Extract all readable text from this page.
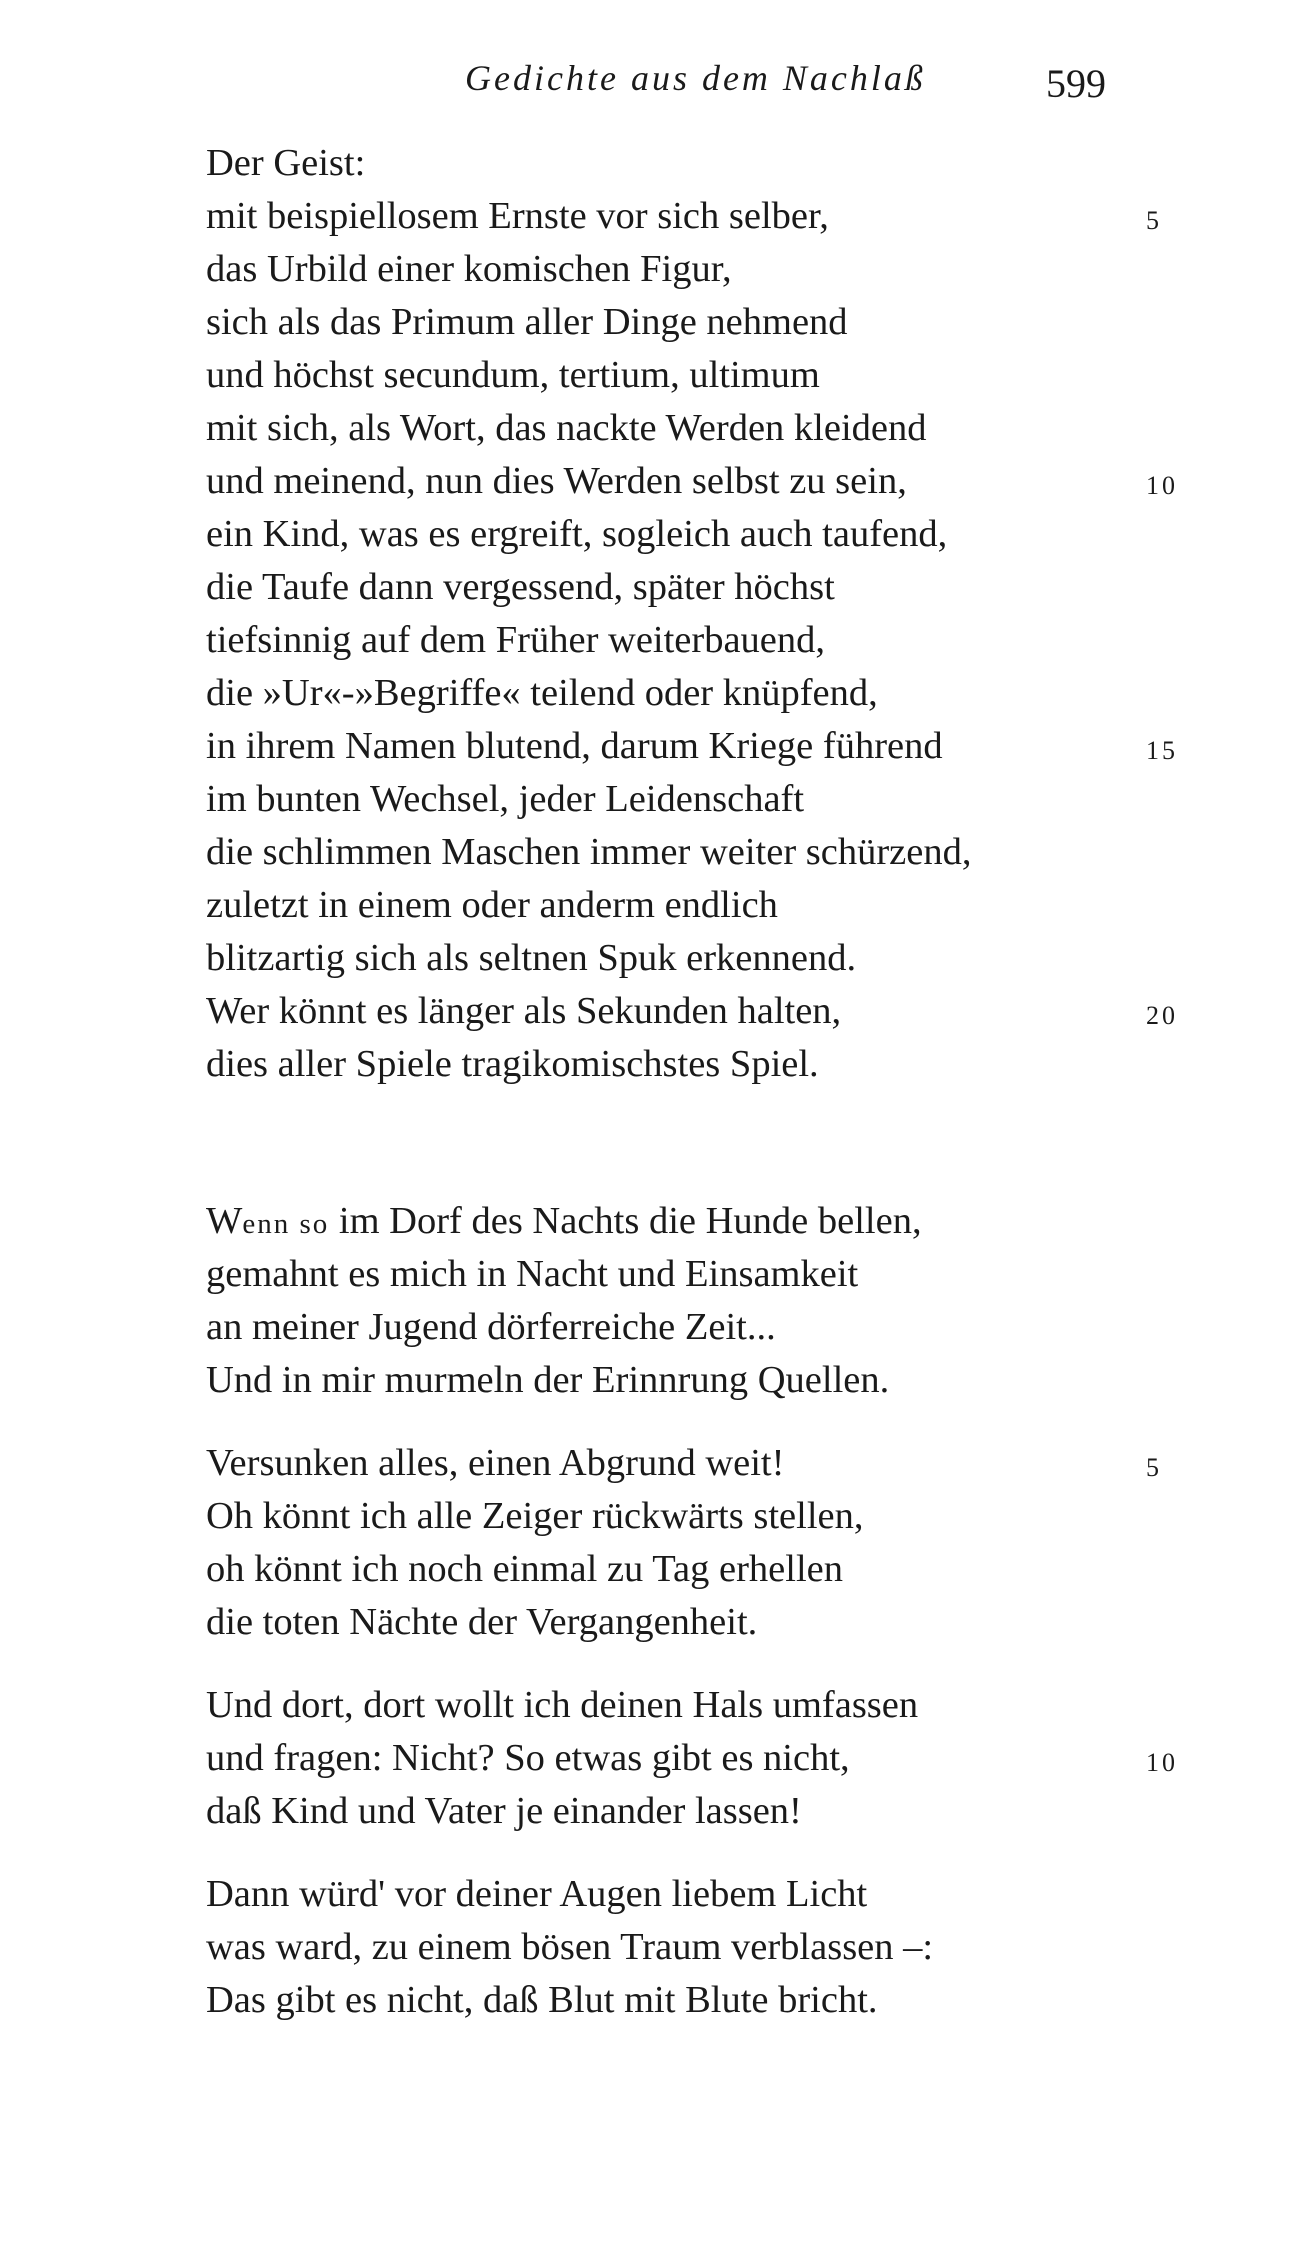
Gedichte aus dem Nachlaß	599
Der Geist:
mit beispiellosem Ernste vor sich selber,	5
das Urbild einer komischen Figur,
sich als das Primum aller Dinge nehmend
und höchst secundum, tertium, ultimum
mit sich, als Wort, das nackte Werden kleidend
und meinend, nun dies Werden selbst zu sein,	10
ein Kind, was es ergreift, sogleich auch taufend,
die Taufe dann vergessend, später höchst
tiefsinnig auf dem Früher weiterbauend,
die »Ur«-»Begriffe« teilend oder knüpfend,
in ihrem Namen blutend, darum Kriege führend	15
im bunten Wechsel, jeder Leidenschaft
die schlimmen Maschen immer weiter schürzend,
zuletzt in einem oder anderm endlich
blitzartig sich als seltnen Spuk erkennend.
Wer könnt es länger als Sekunden halten,	20
dies aller Spiele tragikomischstes Spiel.
Wenn so im Dorf des Nachts die Hunde bellen,
gemahnt es mich in Nacht und Einsamkeit
an meiner Jugend dörferreiche Zeit...
Und in mir murmeln der Erinnrung Quellen.
Versunken alles, einen Abgrund weit!	5
Oh könnt ich alle Zeiger rückwärts stellen,
oh könnt ich noch einmal zu Tag erhellen
die toten Nächte der Vergangenheit.
Und dort, dort wollt ich deinen Hals umfassen
und fragen: Nicht? So etwas gibt es nicht,	10
daß Kind und Vater je einander lassen!
Dann würd' vor deiner Augen liebem Licht
was ward, zu einem bösen Traum verblassen –:
Das gibt es nicht, daß Blut mit Blute bricht.
